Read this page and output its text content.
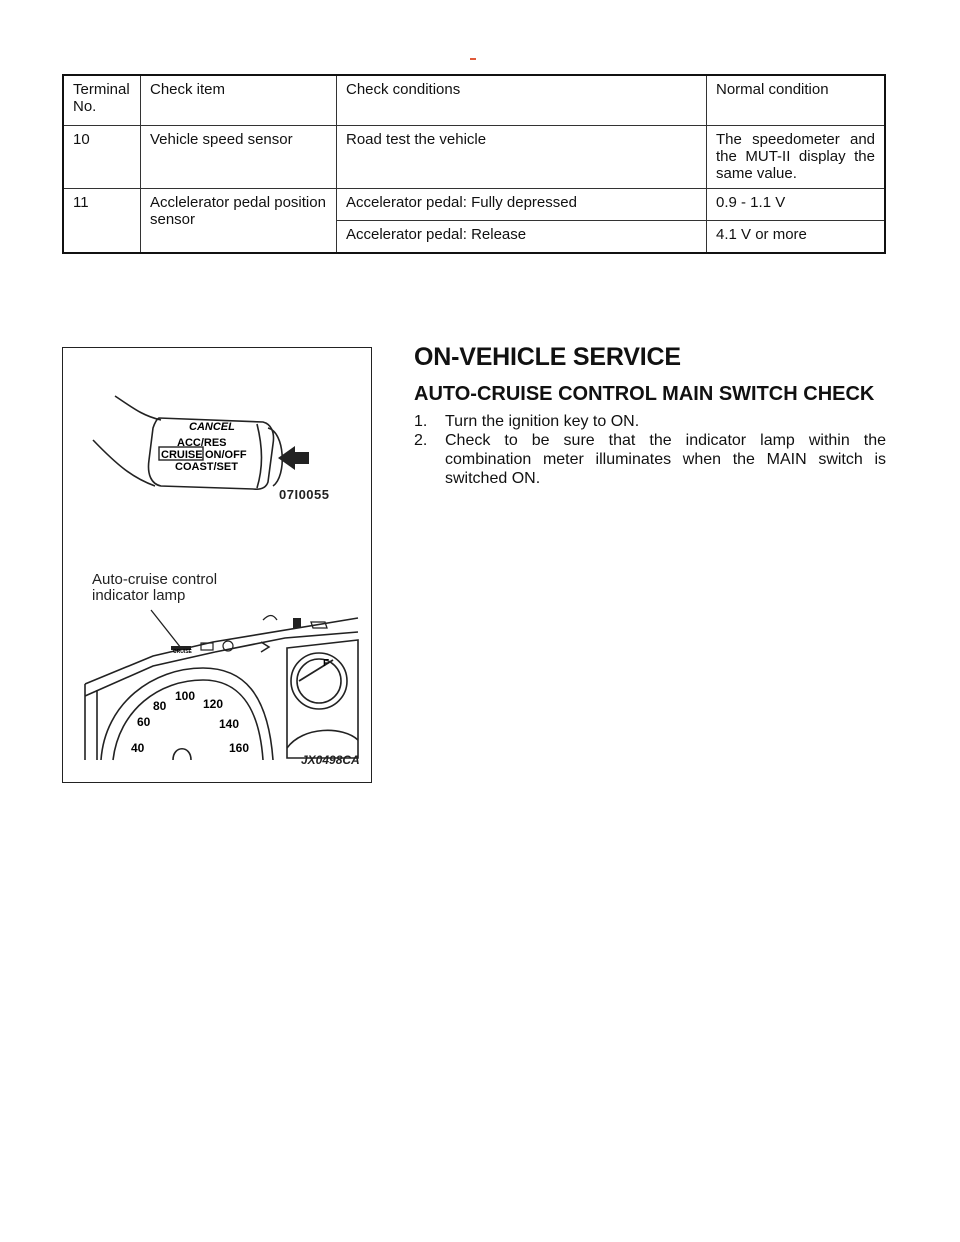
Terminal No.	Check item	Check conditions	Normal condition
10	Vehicle speed sensor	Road test the vehicle	The speedometer and the MUT-II display the same value.
11	Acclelerator pedal position sensor	Accelerator pedal: Fully depressed	0.9 - 1.1 V
		Accelerator pedal: Release	4.1 V or more
CANCEL
ACC/RES
CRUISE ON/OFF
COAST/SET
CRUISE
40
60
80
100
120
140
160
F
07I0055
Auto-cruise control
indicator lamp
JX0498CA
ON-VEHICLE SERVICE
AUTO-CRUISE CONTROL MAIN SWITCH CHECK
1. Turn the ignition key to ON.
2. Check to be sure that the indicator lamp within the combination meter illuminates when the MAIN switch is switched ON.
